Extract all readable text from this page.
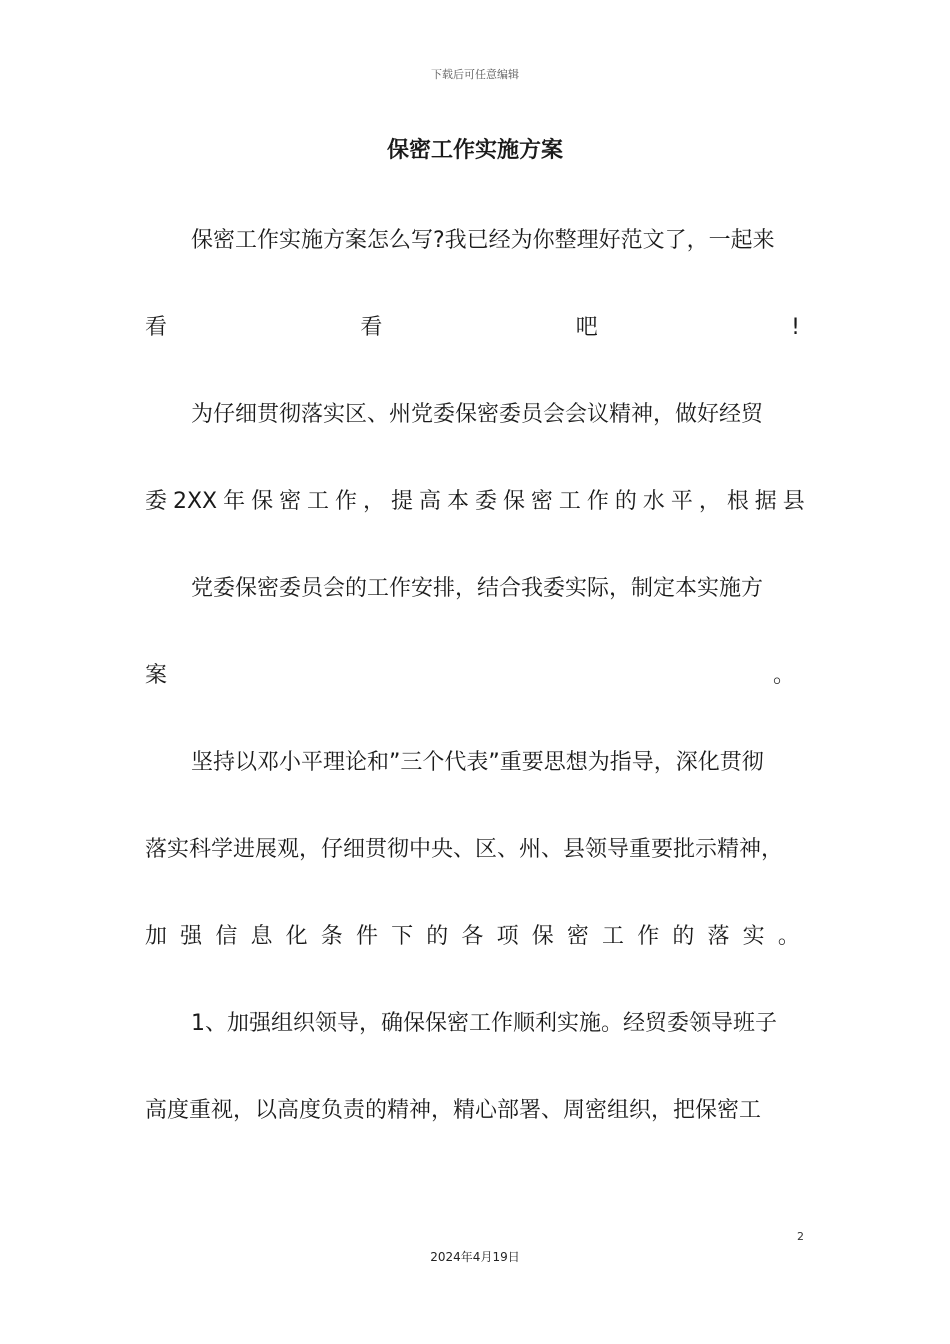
下载后可任意编辑
保密工作实施方案
保密工作实施方案怎么写?我已经为你整理好范文了，一起来
看	看	吧	!
为仔细贯彻落实区、州党委保密委员会会议精神，做好经贸
委 2XX 年 保 密 工 作 ， 提 高 本 委 保 密 工 作 的 水 平 ， 根 据 县
党委保密委员会的工作安排，结合我委实际，制定本实施方
案	。
坚持以邓小平理论和”三个代表”重要思想为指导，深化贯彻
落实科学进展观，仔细贯彻中央、区、州、县领导重要批示精神，
加 强 信 息 化 条 件 下 的 各 项 保 密 工 作 的 落 实 。
1、加强组织领导，确保保密工作顺利实施。经贸委领导班子
高度重视，以高度负责的精神，精心部署、周密组织，把保密工
2
2024年4月19日
